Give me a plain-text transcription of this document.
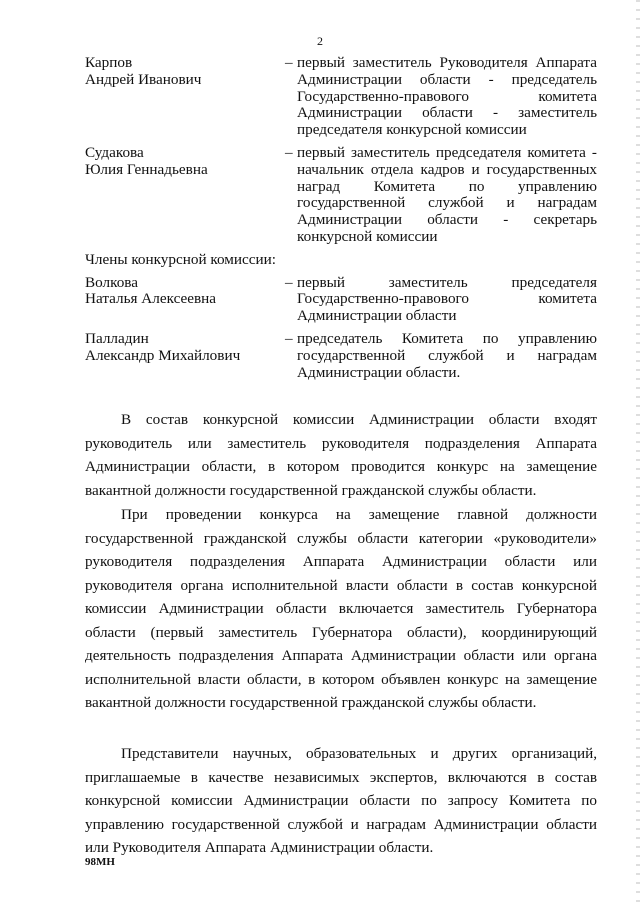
2
Карпов
Андрей Иванович
– первый заместитель Руководителя Аппарата Администрации области - председатель Государственно-правового комитета Администрации области - заместитель председателя конкурсной комиссии
Судакова
Юлия Геннадьевна
– первый заместитель председателя комитета - начальник отдела кадров и государственных наград Комитета по управлению государственной службой и наградам Администрации области - секретарь конкурсной комиссии
Члены конкурсной комиссии:
Волкова
Наталья Алексеевна
– первый заместитель председателя Государственно-правового комитета Администрации области
Палладин
Александр Михайлович
– председатель Комитета по управлению государственной службой и наградам Администрации области.

В состав конкурсной комиссии Администрации области входят руководитель или заместитель руководителя подразделения Аппарата Администрации области, в котором проводится конкурс на замещение вакантной должности государственной гражданской службы области.

При проведении конкурса на замещение главной должности государственной гражданской службы области категории «руководители» руководителя подразделения Аппарата Администрации области или руководителя органа исполнительной власти области в состав конкурсной комиссии Администрации области включается заместитель Губернатора области (первый заместитель Губернатора области), координирующий деятельность подразделения Аппарата Администрации области или органа исполнительной власти области, в котором объявлен конкурс на замещение вакантной должности государственной гражданской службы области.

Представители научных, образовательных и других организаций, приглашаемые в качестве независимых экспертов, включаются в состав конкурсной комиссии Администрации области по запросу Комитета по управлению государственной службой и наградам Администрации области или Руководителя Аппарата Администрации области.

98МН
